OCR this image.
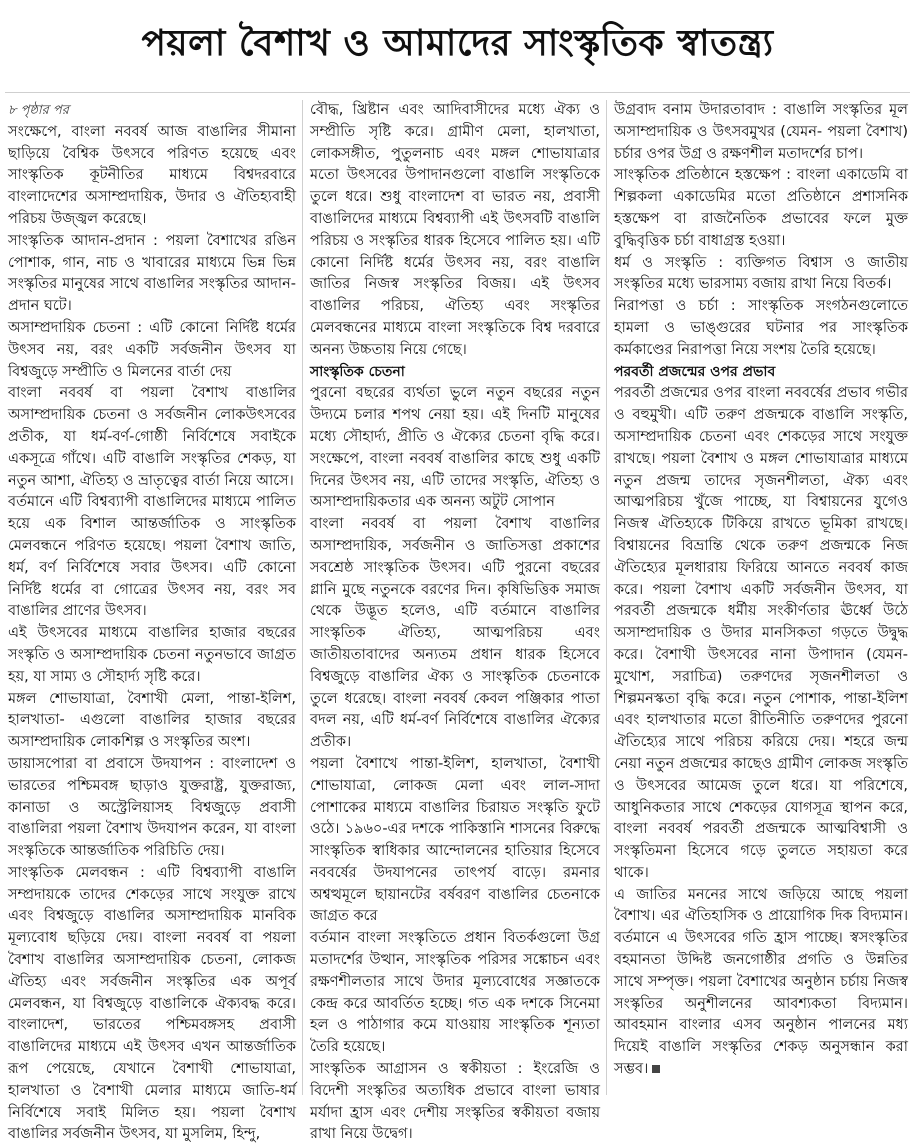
পয়লা বৈশাখ ও আমাদের সাংস্কৃতিক স্বাতন্ত্র্য

৮ পৃষ্ঠার পর

সংক্ষেপে, বাংলা নববর্ষ আজ বাঙালির সীমানা ছাড়িয়ে বৈশ্বিক উৎসবে পরিণত হয়েছে এবং সাংস্কৃতিক কূটনীতির মাধ্যমে বিশ্বদরবারে বাংলাদেশের অসাম্প্রদায়িক, উদার ও ঐতিহ্যবাহী পরিচয় উজ্জ্বল করেছে।

সাংস্কৃতিক আদান-প্রদান : পয়লা বৈশাখের রঙিন পোশাক, গান, নাচ ও খাবারের মাধ্যমে ভিন্ন ভিন্ন সংস্কৃতির মানুষের সাথে বাঙালির সংস্কৃতির আদান-প্রদান ঘটে।

অসাম্প্রদায়িক চেতনা : এটি কোনো নির্দিষ্ট ধর্মের উৎসব নয়, বরং একটি সর্বজনীন উৎসব যা বিশ্বজুড়ে সম্প্রীতি ও মিলনের বার্তা দেয়

বাংলা নববর্ষ বা পয়লা বৈশাখ বাঙালির অসাম্প্রদায়িক চেতনা ও সর্বজনীন লোকউৎসবের প্রতীক, যা ধর্ম-বর্ণ-গোষ্ঠী নির্বিশেষে সবাইকে একসূত্রে গাঁথে। এটি বাঙালি সংস্কৃতির শেকড়, যা নতুন আশা, ঐতিহ্য ও ভ্রাতৃত্বের বার্তা নিয়ে আসে।

বর্তমানে এটি বিশ্বব্যাপী বাঙালিদের মাধ্যমে পালিত হয়ে এক বিশাল আন্তর্জাতিক ও সাংস্কৃতিক মেলবন্ধনে পরিণত হয়েছে। পয়লা বৈশাখ জাতি, ধর্ম, বর্ণ নির্বিশেষে সবার উৎসব। এটি কোনো নির্দিষ্ট ধর্মের বা গোত্রের উৎসব নয়, বরং সব বাঙালির প্রাণের উৎসব।

এই উৎসবের মাধ্যমে বাঙালির হাজার বছরের সংস্কৃতি ও অসাম্প্রদায়িক চেতনা নতুনভাবে জাগ্রত হয়, যা সাম্য ও সৌহার্দ্য সৃষ্টি করে।

মঙ্গল শোভাযাত্রা, বৈশাখী মেলা, পান্তা-ইলিশ, হালখাতা- এগুলো বাঙালির হাজার বছরের অসাম্প্রদায়িক লোকশিল্প ও সংস্কৃতির অংশ।

ডায়াসপোরা বা প্রবাসে উদযাপন : বাংলাদেশ ও ভারতের পশ্চিমবঙ্গ ছাড়াও যুক্তরাষ্ট্র, যুক্তরাজ্য, কানাডা ও অস্ট্রেলিয়াসহ বিশ্বজুড়ে প্রবাসী বাঙালিরা পয়লা বৈশাখ উদযাপন করেন, যা বাংলা সংস্কৃতিকে আন্তর্জাতিক পরিচিতি দেয়।

সাংস্কৃতিক মেলবন্ধন : এটি বিশ্বব্যাপী বাঙালি সম্প্রদায়কে তাদের শেকড়ের সাথে সংযুক্ত রাখে এবং বিশ্বজুড়ে বাঙালির অসাম্প্রদায়িক মানবিক মূল্যবোধ ছড়িয়ে দেয়। বাংলা নববর্ষ বা পয়লা বৈশাখ বাঙালির অসাম্প্রদায়িক চেতনা, লোকজ ঐতিহ্য এবং সর্বজনীন সংস্কৃতির এক অপূর্ব মেলবন্ধন, যা বিশ্বজুড়ে বাঙালিকে ঐক্যবদ্ধ করে। বাংলাদেশ, ভারতের পশ্চিমবঙ্গসহ প্রবাসী বাঙালিদের মাধ্যমে এই উৎসব এখন আন্তর্জাতিক রূপ পেয়েছে, যেখানে বৈশাখী শোভাযাত্রা, হালখাতা ও বৈশাখী মেলার মাধ্যমে জাতি-ধর্ম নির্বিশেষে সবাই মিলিত হয়। পয়লা বৈশাখ বাঙালির সর্বজনীন উৎসব, যা মুসলিম, হিন্দু,

বৌদ্ধ, খ্রিষ্টান এবং আদিবাসীদের মধ্যে ঐক্য ও সম্প্রীতি সৃষ্টি করে। গ্রামীণ মেলা, হালখাতা, লোকসঙ্গীত, পুতুলনাচ এবং মঙ্গল শোভাযাত্রার মতো উৎসবের উপাদানগুলো বাঙালি সংস্কৃতিকে তুলে ধরে। শুধু বাংলাদেশ বা ভারত নয়, প্রবাসী বাঙালিদের মাধ্যমে বিশ্বব্যাপী এই উৎসবটি বাঙালি পরিচয় ও সংস্কৃতির ধারক হিসেবে পালিত হয়। এটি কোনো নির্দিষ্ট ধর্মের উৎসব নয়, বরং বাঙালি জাতির নিজস্ব সংস্কৃতির বিজয়। এই উৎসব বাঙালির পরিচয়, ঐতিহ্য এবং সংস্কৃতির মেলবন্ধনের মাধ্যমে বাংলা সংস্কৃতিকে বিশ্ব দরবারে অনন্য উচ্চতায় নিয়ে গেছে।

সাংস্কৃতিক চেতনা

পুরনো বছরের ব্যর্থতা ভুলে নতুন বছরের নতুন উদ্যমে চলার শপথ নেয়া হয়। এই দিনটি মানুষের মধ্যে সৌহার্দ্য, প্রীতি ও ঐক্যের চেতনা বৃদ্ধি করে। সংক্ষেপে, বাংলা নববর্ষ বাঙালির কাছে শুধু একটি দিনের উৎসব নয়, এটি তাদের সংস্কৃতি, ঐতিহ্য ও অসাম্প্রদায়িকতার এক অনন্য অটুট সোপান

বাংলা নববর্ষ বা পয়লা বৈশাখ বাঙালির অসাম্প্রদায়িক, সর্বজনীন ও জাতিসত্তা প্রকাশের সবশ্রেষ্ঠ সাংস্কৃতিক উৎসব। এটি পুরনো বছরের গ্লানি মুছে নতুনকে বরণের দিন। কৃষিভিত্তিক সমাজ থেকে উদ্ভূত হলেও, এটি বর্তমানে বাঙালির সাংস্কৃতিক ঐতিহ্য, আত্মপরিচয় এবং জাতীয়তাবাদের অন্যতম প্রধান ধারক হিসেবে বিশ্বজুড়ে বাঙালির ঐক্য ও সাংস্কৃতিক চেতনাকে তুলে ধরেছে। বাংলা নববর্ষ কেবল পঞ্জিকার পাতা বদল নয়, এটি ধর্ম-বর্ণ নির্বিশেষে বাঙালির ঐক্যের প্রতীক।

পয়লা বৈশাখে পান্তা-ইলিশ, হালখাতা, বৈশাখী শোভাযাত্রা, লোকজ মেলা এবং লাল-সাদা পোশাকের মাধ্যমে বাঙালির চিরায়ত সংস্কৃতি ফুটে ওঠে। ১৯৬০-এর দশকে পাকিস্তানি শাসনের বিরুদ্ধে সাংস্কৃতিক স্বাধিকার আন্দোলনের হাতিয়ার হিসেবে নববর্ষের উদযাপনের তাৎপর্য বাড়ে। রমনার অশ্বত্থমূলে ছায়ানটের বর্ষবরণ বাঙালির চেতনাকে জাগ্রত করে

বর্তমান বাংলা সংস্কৃতিতে প্রধান বিতর্কগুলো উগ্র মতাদর্শের উত্থান, সাংস্কৃতিক পরিসর সঙ্কোচন এবং রক্ষণশীলতার সাথে উদার মূল্যবোধের সজ্ঞাতকে কেন্দ্র করে আবর্তিত হচ্ছে। গত এক দশকে সিনেমা হল ও পাঠাগার কমে যাওয়ায় সাংস্কৃতিক শূন্যতা তৈরি হয়েছে।

সাংস্কৃতিক আগ্রাসন ও স্বকীয়তা : ইংরেজি ও বিদেশী সংস্কৃতির অত্যধিক প্রভাবে বাংলা ভাষার মর্যাদা হ্রাস এবং দেশীয় সংস্কৃতির স্বকীয়তা বজায় রাখা নিয়ে উদ্বেগ।

উগ্রবাদ বনাম উদারতাবাদ : বাঙালি সংস্কৃতির মূল অসাম্প্রদায়িক ও উৎসবমুখর (যেমন- পয়লা বৈশাখ) চর্চার ওপর উগ্র ও রক্ষণশীল মতাদর্শের চাপ।

সাংস্কৃতিক প্রতিষ্ঠানে হস্তক্ষেপ : বাংলা একাডেমি বা শিল্পকলা একাডেমির মতো প্রতিষ্ঠানে প্রশাসনিক হস্তক্ষেপ বা রাজনৈতিক প্রভাবের ফলে মুক্ত বুদ্ধিবৃত্তিক চর্চা বাধাগ্রস্ত হওয়া।

ধর্ম ও সংস্কৃতি : ব্যক্তিগত বিশ্বাস ও জাতীয় সংস্কৃতির মধ্যে ভারসাম্য বজায় রাখা নিয়ে বিতর্ক।

নিরাপত্তা ও চর্চা : সাংস্কৃতিক সংগঠনগুলোতে হামলা ও ভাঙ্গুরের ঘটনার পর সাংস্কৃতিক কর্মকাণ্ডের নিরাপত্তা নিয়ে সংশয় তৈরি হয়েছে।

পরবর্তী প্রজন্মের ওপর প্রভাব

পরবর্তী প্রজন্মের ওপর বাংলা নববর্ষের প্রভাব গভীর ও বহুমুখী। এটি তরুণ প্রজন্মকে বাঙালি সংস্কৃতি, অসাম্প্রদায়িক চেতনা এবং শেকড়ের সাথে সংযুক্ত রাখছে। পয়লা বৈশাখ ও মঙ্গল শোভাযাত্রার মাধ্যমে নতুন প্রজন্ম তাদের সৃজনশীলতা, ঐক্য এবং আত্মপরিচয় খুঁজে পাচ্ছে, যা বিশ্বায়নের যুগেও নিজস্ব ঐতিহ্যকে টিকিয়ে রাখতে ভূমিকা রাখছে। বিশ্বায়নের বিভ্রান্তি থেকে তরুণ প্রজন্মকে নিজ ঐতিহ্যের মূলধারায় ফিরিয়ে আনতে নববর্ষ কাজ করে। পয়লা বৈশাখ একটি সর্বজনীন উৎসব, যা পরবর্তী প্রজন্মকে ধর্মীয় সংকীর্ণতার ঊর্ধ্বে উঠে অসাম্প্রদায়িক ও উদার মানসিকতা গড়তে উদ্বুদ্ধ করে। বৈশাখী উৎসবের নানা উপাদান (যেমন- মুখোশ, সরাচিত্র) তরুণদের সৃজনশীলতা ও শিল্পমনস্কতা বৃদ্ধি করে। নতুন পোশাক, পান্তা-ইলিশ এবং হালখাতার মতো রীতিনীতি তরুণদের পুরনো ঐতিহ্যের সাথে পরিচয় করিয়ে দেয়। শহরে জন্ম নেয়া নতুন প্রজন্মের কাছেও গ্রামীণ লোকজ সংস্কৃতি ও উৎসবের আমেজ তুলে ধরে। যা পরিশেষে, আধুনিকতার সাথে শেকড়ের যোগসূত্র স্থাপন করে, বাংলা নববর্ষ পরবর্তী প্রজন্মকে আত্মবিশ্বাসী ও সংস্কৃতিমনা হিসেবে গড়ে তুলতে সহায়তা করে থাকে।

এ জাতির মননের সাথে জড়িয়ে আছে পয়লা বৈশাখ। এর ঐতিহাসিক ও প্রায়োগিক দিক বিদ্যমান। বর্তমানে এ উৎসবের গতি হ্রাস পাচ্ছে। স্বসংস্কৃতির বহমানতা উদ্দিষ্ট জনগোষ্ঠীর প্রগতি ও উন্নতির সাথে সম্পৃক্ত। পয়লা বৈশাখের অনুষ্ঠান চর্চায় নিজস্ব সংস্কৃতির অনুশীলনের আবশ্যকতা বিদ্যমান। আবহমান বাংলার এসব অনুষ্ঠান পালনের মধ্য দিয়েই বাঙালি সংস্কৃতির শেকড় অনুসন্ধান করা সম্ভব।
